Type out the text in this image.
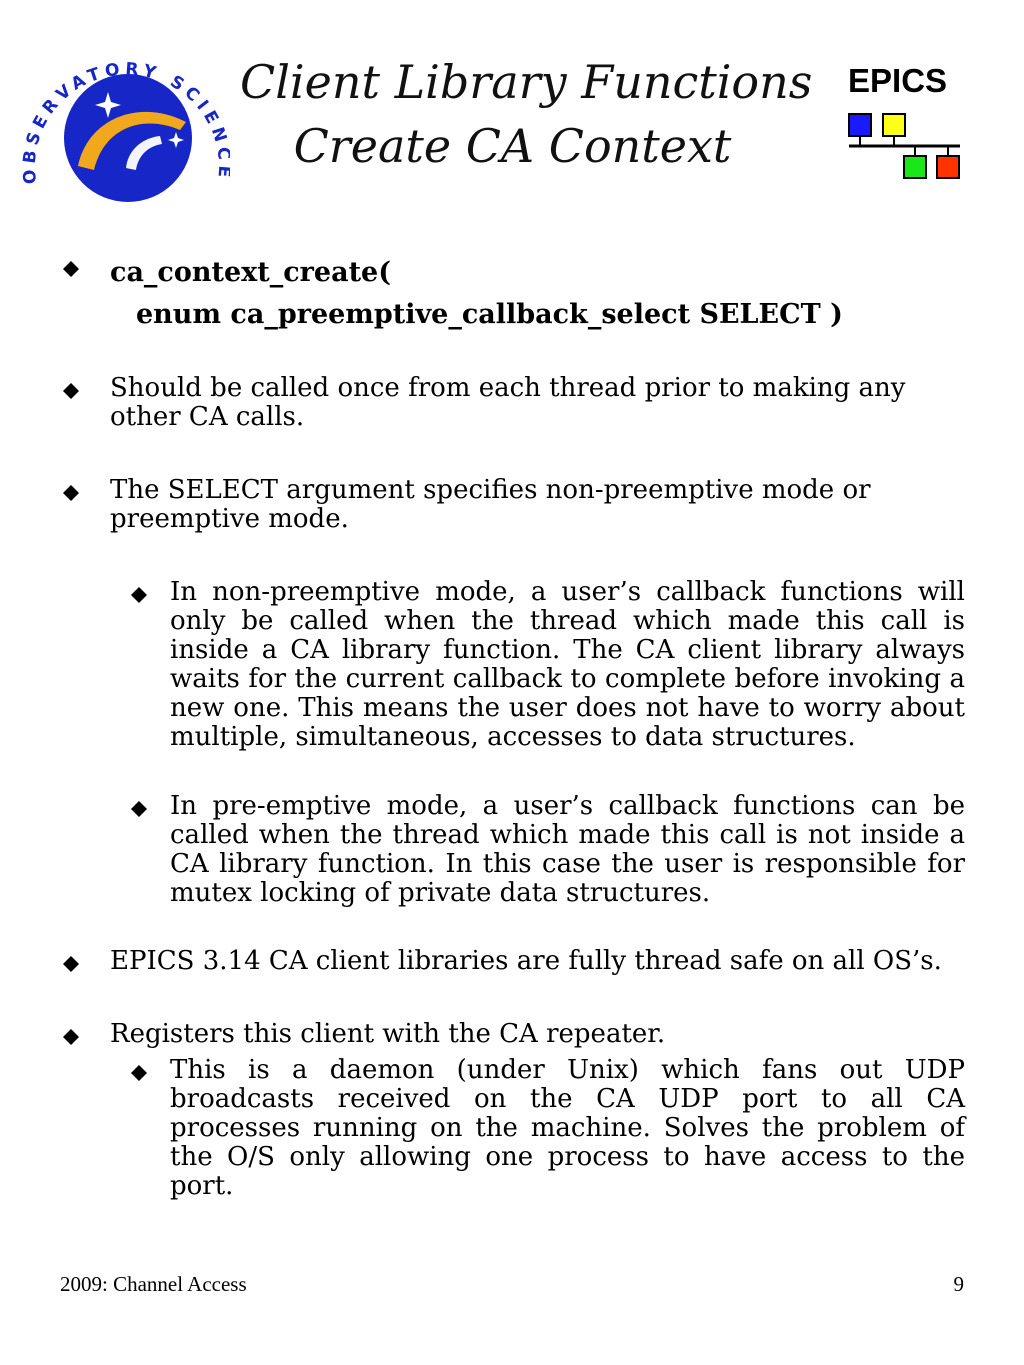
OBSERVATORY SCIEN
Client Library Functions
Create CA Context
EPICS
ca_context_create(
enum ca_preemptive_callback_select SELECT )
Should be called once from each thread prior to making any other CA calls.
The SELECT argument specifies non-preemptive mode or preemptive mode.
In non-preemptive mode, a user’s callback functions will only be called when the thread which made this call is inside a CA library function. The CA client library always waits for the current callback to complete before invoking a new one. This means the user does not have to worry about multiple, simultaneous, accesses to data structures.
In pre-emptive mode, a user’s callback functions can be called when the thread which made this call is not inside a CA library function. In this case the user is responsible for mutex locking of private data structures.
EPICS 3.14 CA client libraries are fully thread safe on all OS’s.
Registers this client with the CA repeater.
This is a daemon (under Unix) which fans out UDP broadcasts received on the CA UDP port to all CA processes running on the machine. Solves the problem of the O/S only allowing one process to have access to the port.
2009: Channel Access	9
